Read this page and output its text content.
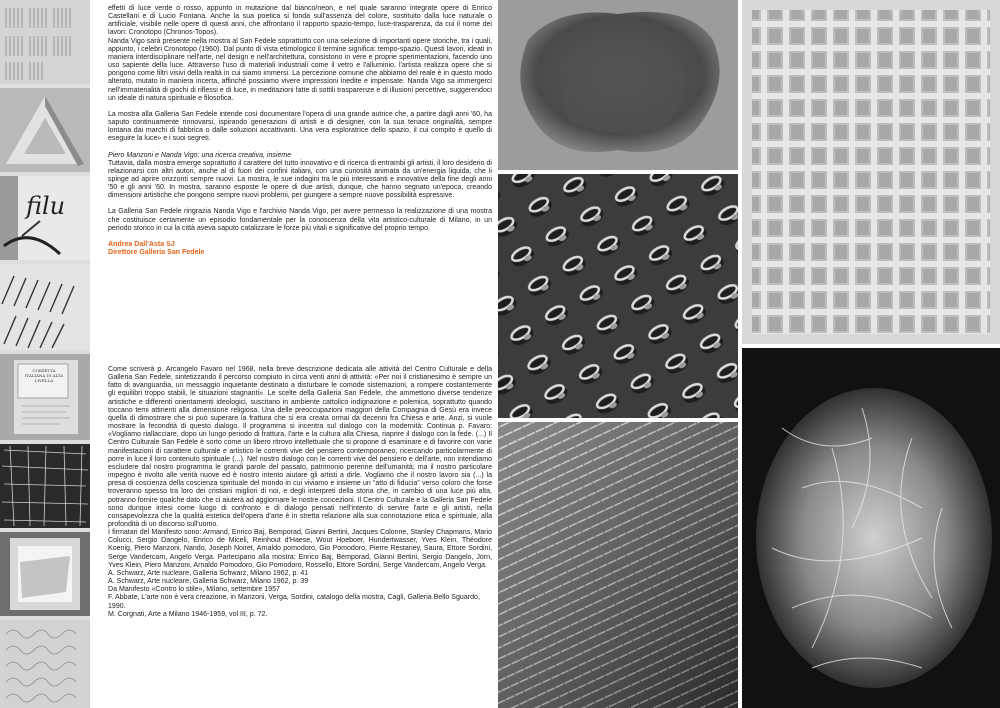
filu
CORSETTA ITALIANA DI ALTA LIVELLA

effetti di luce verde o rosso, appunto in mutazione dal bianco/neon, e nel quale saranno integrate opere di Enrico Castellani e di Lucio Fontana. Anche la sua poetica si fonda sull'assenza del colore, sostituito dalla luce naturale o artificiale, visibile nelle opere di questi anni, che affrontano il rapporto spazio-tempo, luce-trasparenza, da cui il nome dei lavori: Cronotopo (Chronos-Topos).

Nanda Vigo sarà presente nella mostra al San Fedele soprattutto con una selezione di importanti opere storiche, tra i quali, appunto, i celebri Cronotopo (1960). Dal punto di vista etimologico il termine significa: tempo-spazio. Questi lavori, ideati in maniera interdisciplinare nell'arte, nel design e nell'architettura, consistono in vere e proprie sperimentazioni, facendo uno uso sapiente della luce. Attraverso l'uso di materiali industriali come il vetro e l'alluminio, l'artista realizza opere che si pongono come filtri visivi della realtà in cui siamo immersi. La percezione comune che abbiamo del reale è in questo modo alterato, mutato in maniera incerta, affinché possiamo vivere impressioni inedite e impensate. Nanda Vigo sa immergerci nell'immaterialità di giochi di riflessi e di luce, in meditazioni fatte di sottili trasparenze e di illusioni percettive, suggerendoci un ideale di natura spirituale e filosofica.

La mostra alla Galleria San Fedele intende così documentare l'opera di una grande autrice che, a partire dagli anni '60, ha saputo continuamente rinnovarsi, ispirando generazioni di artisti e di designer, con la sua tenace originalità, sempre lontana dai marchi di fabbrica o dalle soluzioni accattivanti. Una vera esploratrice dello spazio, il cui compito è quello di eseguire la luce» e i suoi segreti.

Piero Manzoni e Nanda Vigo: una ricerca creativa, insieme

Tuttavia, dalla mostra emerge soprattutto il carattere del tutto innovativo e di ricerca di entrambi gli artisti, il loro desiderio di relazionarsi con altri autori, anche al di fuori dei confini italiani, con una curiosità animata da un'energia liquida, che li spinge ad aprire orizzonti sempre nuovi. La mostra, le sue indagini tra le più interessanti e innovative della fine degli anni '50 e gli anni '60. In mostra, saranno esposte le opere di due artisti, dunque, che hanno segnato un'epoca, creando dimensioni artistiche che pongono sempre nuovi problemi, per giungere a sempre nuove possibilità espressive.

La Galleria San Fedele ringrazia Nanda Vigo e l'archivio Nanda Vigo, per avere permesso la realizzazione di una mostra che costituisce certamente un episodio fondamentale per la conoscenza della vita artistico-culturale di Milano, in un periodo storico in cui la città aveva saputo catalizzare le forze più vitali e significative del proprio tempo.

Andrea Dall'Asta SJ

Direttore Galleria San Fedele

Come scriverà p. Arcangelo Favaro nel 1968, nella breve descrizione dedicata alle attività del Centro Culturale e della Galleria San Fedele, sintetizzando il percorso compiuto in circa venti anni di attività: «Per noi il cristianesimo è sempre un fatto di avanguardia, un messaggio inquietante destinato a disturbare le comode sistemazioni, a rompere costantemente gli equilibri troppo stabili, le situazioni stagnanti». Le scelte della Galleria San Fedele, che ammettono diverse tendenze artistiche e differenti orientamenti ideologici, suscitano in ambiente cattolico indignazione e polemica, soprattutto quando toccano temi attinenti alla dimensione religiosa. Una delle preoccupazioni maggiori della Compagnia di Gesù era invece quella di dimostrare che si può superare la frattura che si era creata ormai da decenni fra Chiesa e arte. Anzi, si vuole mostrare la fecondità di questo dialogo. Il programma si incentra sul dialogo con la modernità: Continua p. Favaro: «Vogliamo riallacciare, dopo un lungo periodo di frattura, l'arte e la cultura alla Chiesa, riaprire il dialogo con la fede. (...) Il Centro Culturale San Fedele è sorto come un libero ritrovo intellettuale che si propone di esaminare e di favorire con varie manifestazioni di carattere culturale e artistico le correnti vive del pensiero contemporaneo, ricercando particolarmente di porre in luce il loro contenuto spirituale (...). Nel nostro dialogo con le correnti vive del pensiero e dell'arte, non intendiamo escludere dal nostro programma le grandi parole del passato, patrimonio perenne dell'umanità; ma il nostro particolare impegno è rivolto alle verità nuove ed è nostro intento aiutare gli artisti a dirle. Vogliamo che il nostro lavoro sia (...) la presa di coscienza della coscienza spirituale del mondo in cui viviamo e insieme un “atto di fiducia” verso coloro che forse troveranno spesso tra loro dei cristiani migliori di noi, e degli interpreti della storia che, in cambio di una luce più alta, potranno fornire qualche dato che ci aiuterà ad aggiornare le nostre concezioni. Il Centro Culturale e la Galleria San Fedele sono dunque intesi come luogo di confronto e di dialogo pensati nell'intento di servire l'arte e gli artisti, nella consapevolezza che la qualità estetica dell'opera d'arte è in stretta relazione alla sua connotazione etica e spirituale, alla profondità di un discorso sull'uomo.

I firmatari del Manifesto sono: Armand, Enrico Baj, Bemporad, Gianni Bertini, Jacques Colonne, Stanley Chapmans, Mario Colucci, Sergio Dangelo, Enrico de Miceli, Reinhout d'Haese, Wout Hoeboer, Hundertwasser, Yves Klein, Théodore Koenig, Piero Manzoni, Nando, Joseph Noiret, Arnaldo pomodoro, Gio Pomodoro, Pierre Restaney, Saura, Ettore Sordini, Serge Vandercam, Angelo Verga. Partecipano alla mostra: Enrico Baj, Bemporad, Gianni Bertini, Sergio Dangelo, Jorn, Yves Klein, Piero Manzoni, Arnaldo Pomodoro, Gio Pomodoro, Rossello, Ettore Sordini, Serge Vandercam, Angelo Verga.

A. Schwarz, Arte nucleare, Galleria Schwarz, Milano 1962, p. 41

A. Schwarz, Arte nucleare, Galleria Schwarz, Milano 1962, p. 39

Da Manifesto «Contro lo stile», Milano, settembre 1957

F. Abbate, L'arte non è vera creazione, in Manzoni, Verga, Sordini, catalogo della mostra, Cagli, Galleria Bello Sguardo, 1990.

M. Corgnati, Arte a Milano 1946-1959, vol III, p. 72.
